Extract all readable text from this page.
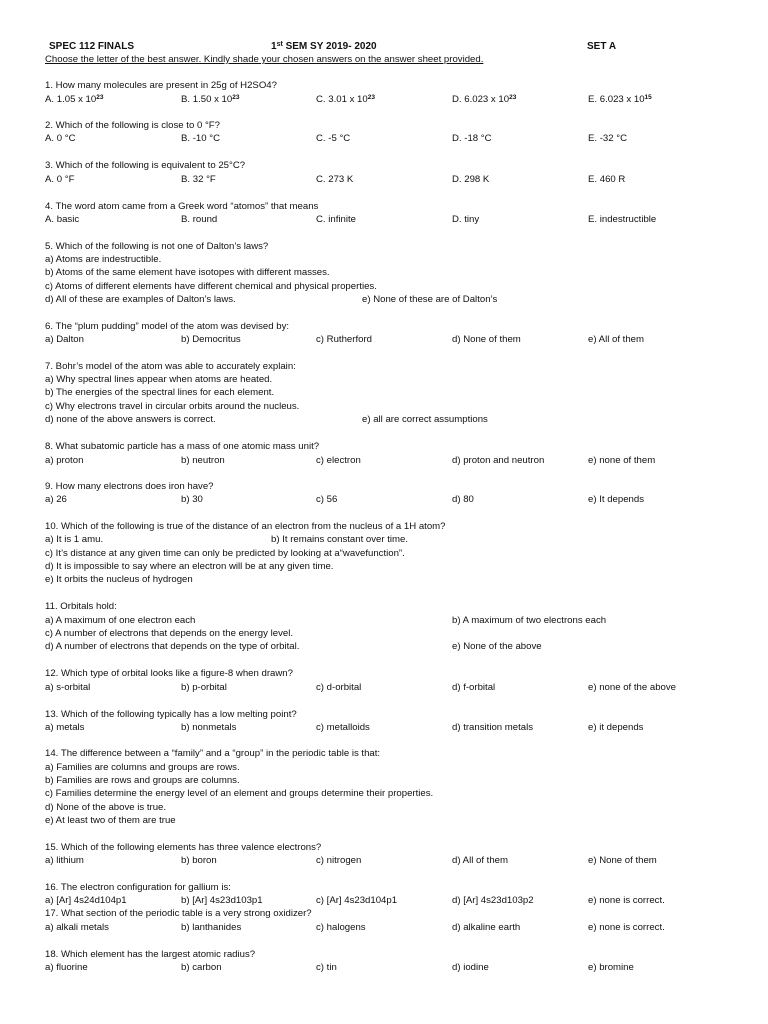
SPEC 112 FINALS	1st SEM SY 2019- 2020	SET A
Choose the letter of the best answer. Kindly shade your chosen answers on the answer sheet provided.
1. How many molecules are present in 25g of H2SO4?
A. 1.05 x $10^{23}$	B. 1.50 x $10^{23}$	C. 3.01 x $10^{23}$	D. 6.023 x $10^{23}$	E. 6.023 x $10^{15}$
2. Which of the following is close to 0 °F?
A. 0 °C	B. -10 °C	C. -5 °C	D. -18 °C	E. -32 °C
3. Which of the following is equivalent to 25°C?
A. 0 °F	B. 32 °F	C. 273 K	D. 298 K	E. 460 R
4. The word atom came from a Greek word “atomos” that means
A. basic	B. round	C. infinite	D. tiny	E. indestructible
5. Which of the following is not one of Dalton’s laws?
a) Atoms are indestructible.
b) Atoms of the same element have isotopes with different masses.
c) Atoms of different elements have different chemical and physical properties.
d) All of these are examples of Dalton’s laws.	e) None of these are of Dalton’s
6. The “plum pudding” model of the atom was devised by:
a) Dalton	b) Democritus	c) Rutherford	d) None of them	e) All of them
7. Bohr’s model of the atom was able to accurately explain:
a) Why spectral lines appear when atoms are heated.
b) The energies of the spectral lines for each element.
c) Why electrons travel in circular orbits around the nucleus.
d) none of the above answers is correct.	e) all are correct assumptions
8. What subatomic particle has a mass of one atomic mass unit?
a) proton	b) neutron	c) electron	d) proton and neutron	e) none of them
9. How many electrons does iron have?
a) 26	b) 30	c) 56	d) 80	e) It depends
10. Which of the following is true of the distance of an electron from the nucleus of a 1H atom?
a) It is 1 amu.	b) It remains constant over time.
c) It’s distance at any given time can only be predicted by looking at a“wavefunction”.
d) It is impossible to say where an electron will be at any given time.
e) It orbits the nucleus of hydrogen
11. Orbitals hold:
a) A maximum of one electron each	b) A maximum of two electrons each
c) A number of electrons that depends on the energy level.
d) A number of electrons that depends on the type of orbital.	e) None of the above
12. Which type of orbital looks like a figure-8 when drawn?
a) s-orbital	b) p-orbital	c) d-orbital	d) f-orbital	e) none of the above
13. Which of the following typically has a low melting point?
a) metals	b) nonmetals	c) metalloids	d) transition metals	e) it depends
14. The difference between a “family” and a “group” in the periodic table is that:
a) Families are columns and groups are rows.
b) Families are rows and groups are columns.
c) Families determine the energy level of an element and groups determine their properties.
d) None of the above is true.
e) At least two of them are true
15. Which of the following elements has three valence electrons?
a) lithium	b) boron	c) nitrogen	d) All of them	e) None of them
16. The electron configuration for gallium is:
a) [Ar] 4s24d104p1	b) [Ar] 4s23d103p1	c) [Ar] 4s23d104p1	d) [Ar] 4s23d103p2	e) none is correct.
17. What section of the periodic table is a very strong oxidizer?
a) alkali metals	b) lanthanides	c) halogens	d) alkaline earth	e) none is correct.
18. Which element has the largest atomic radius?
a) fluorine	b) carbon	c) tin	d) iodine	e) bromine
